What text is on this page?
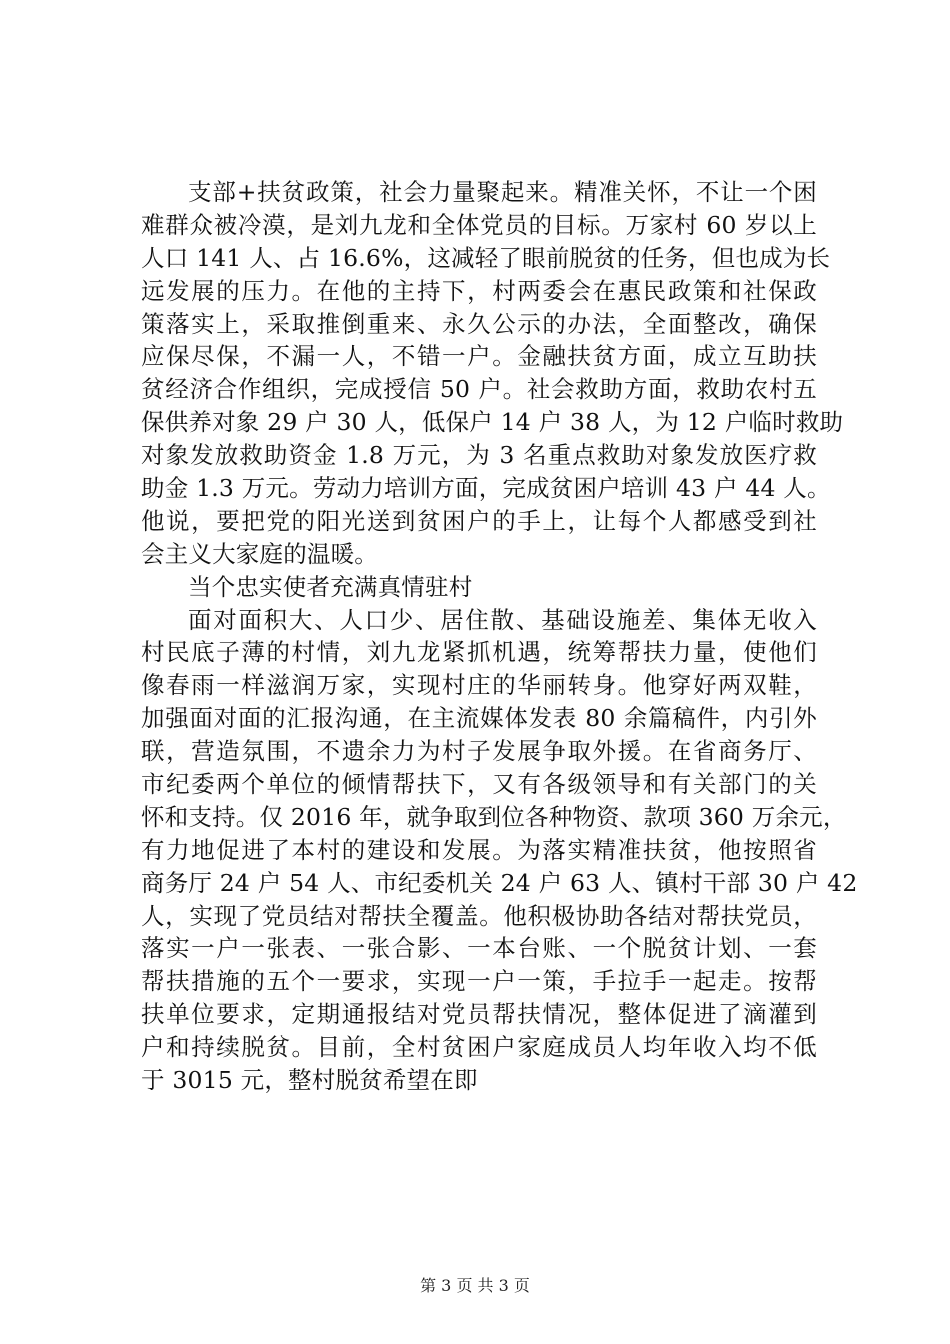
支部+扶贫政策，社会力量聚起来。精准关怀，不让一个困
难群众被冷漠，是刘九龙和全体党员的目标。万家村 60 岁以上
人口 141 人、占 16.6%，这减轻了眼前脱贫的任务，但也成为长
远发展的压力。在他的主持下，村两委会在惠民政策和社保政
策落实上，采取推倒重来、永久公示的办法，全面整改，确保
应保尽保，不漏一人，不错一户。金融扶贫方面，成立互助扶
贫经济合作组织，完成授信 50 户。社会救助方面，救助农村五
保供养对象 29 户 30 人，低保户 14 户 38 人，为 12 户临时救助
对象发放救助资金 1.8 万元，为 3 名重点救助对象发放医疗救
助金 1.3 万元。劳动力培训方面，完成贫困户培训 43 户 44 人。
他说，要把党的阳光送到贫困户的手上，让每个人都感受到社
会主义大家庭的温暖。
当个忠实使者充满真情驻村
面对面积大、人口少、居住散、基础设施差、集体无收入
村民底子薄的村情，刘九龙紧抓机遇，统筹帮扶力量，使他们
像春雨一样滋润万家，实现村庄的华丽转身。他穿好两双鞋，
加强面对面的汇报沟通，在主流媒体发表 80 余篇稿件，内引外
联，营造氛围，不遗余力为村子发展争取外援。在省商务厅、
市纪委两个单位的倾情帮扶下，又有各级领导和有关部门的关
怀和支持。仅 2016 年，就争取到位各种物资、款项 360 万余元，
有力地促进了本村的建设和发展。为落实精准扶贫，他按照省
商务厅 24 户 54 人、市纪委机关 24 户 63 人、镇村干部 30 户 42
人，实现了党员结对帮扶全覆盖。他积极协助各结对帮扶党员，
落实一户一张表、一张合影、一本台账、一个脱贫计划、一套
帮扶措施的五个一要求，实现一户一策，手拉手一起走。按帮
扶单位要求，定期通报结对党员帮扶情况，整体促进了滴灌到
户和持续脱贫。目前，全村贫困户家庭成员人均年收入均不低
于 3015 元，整村脱贫希望在即
第 3 页 共 3 页
